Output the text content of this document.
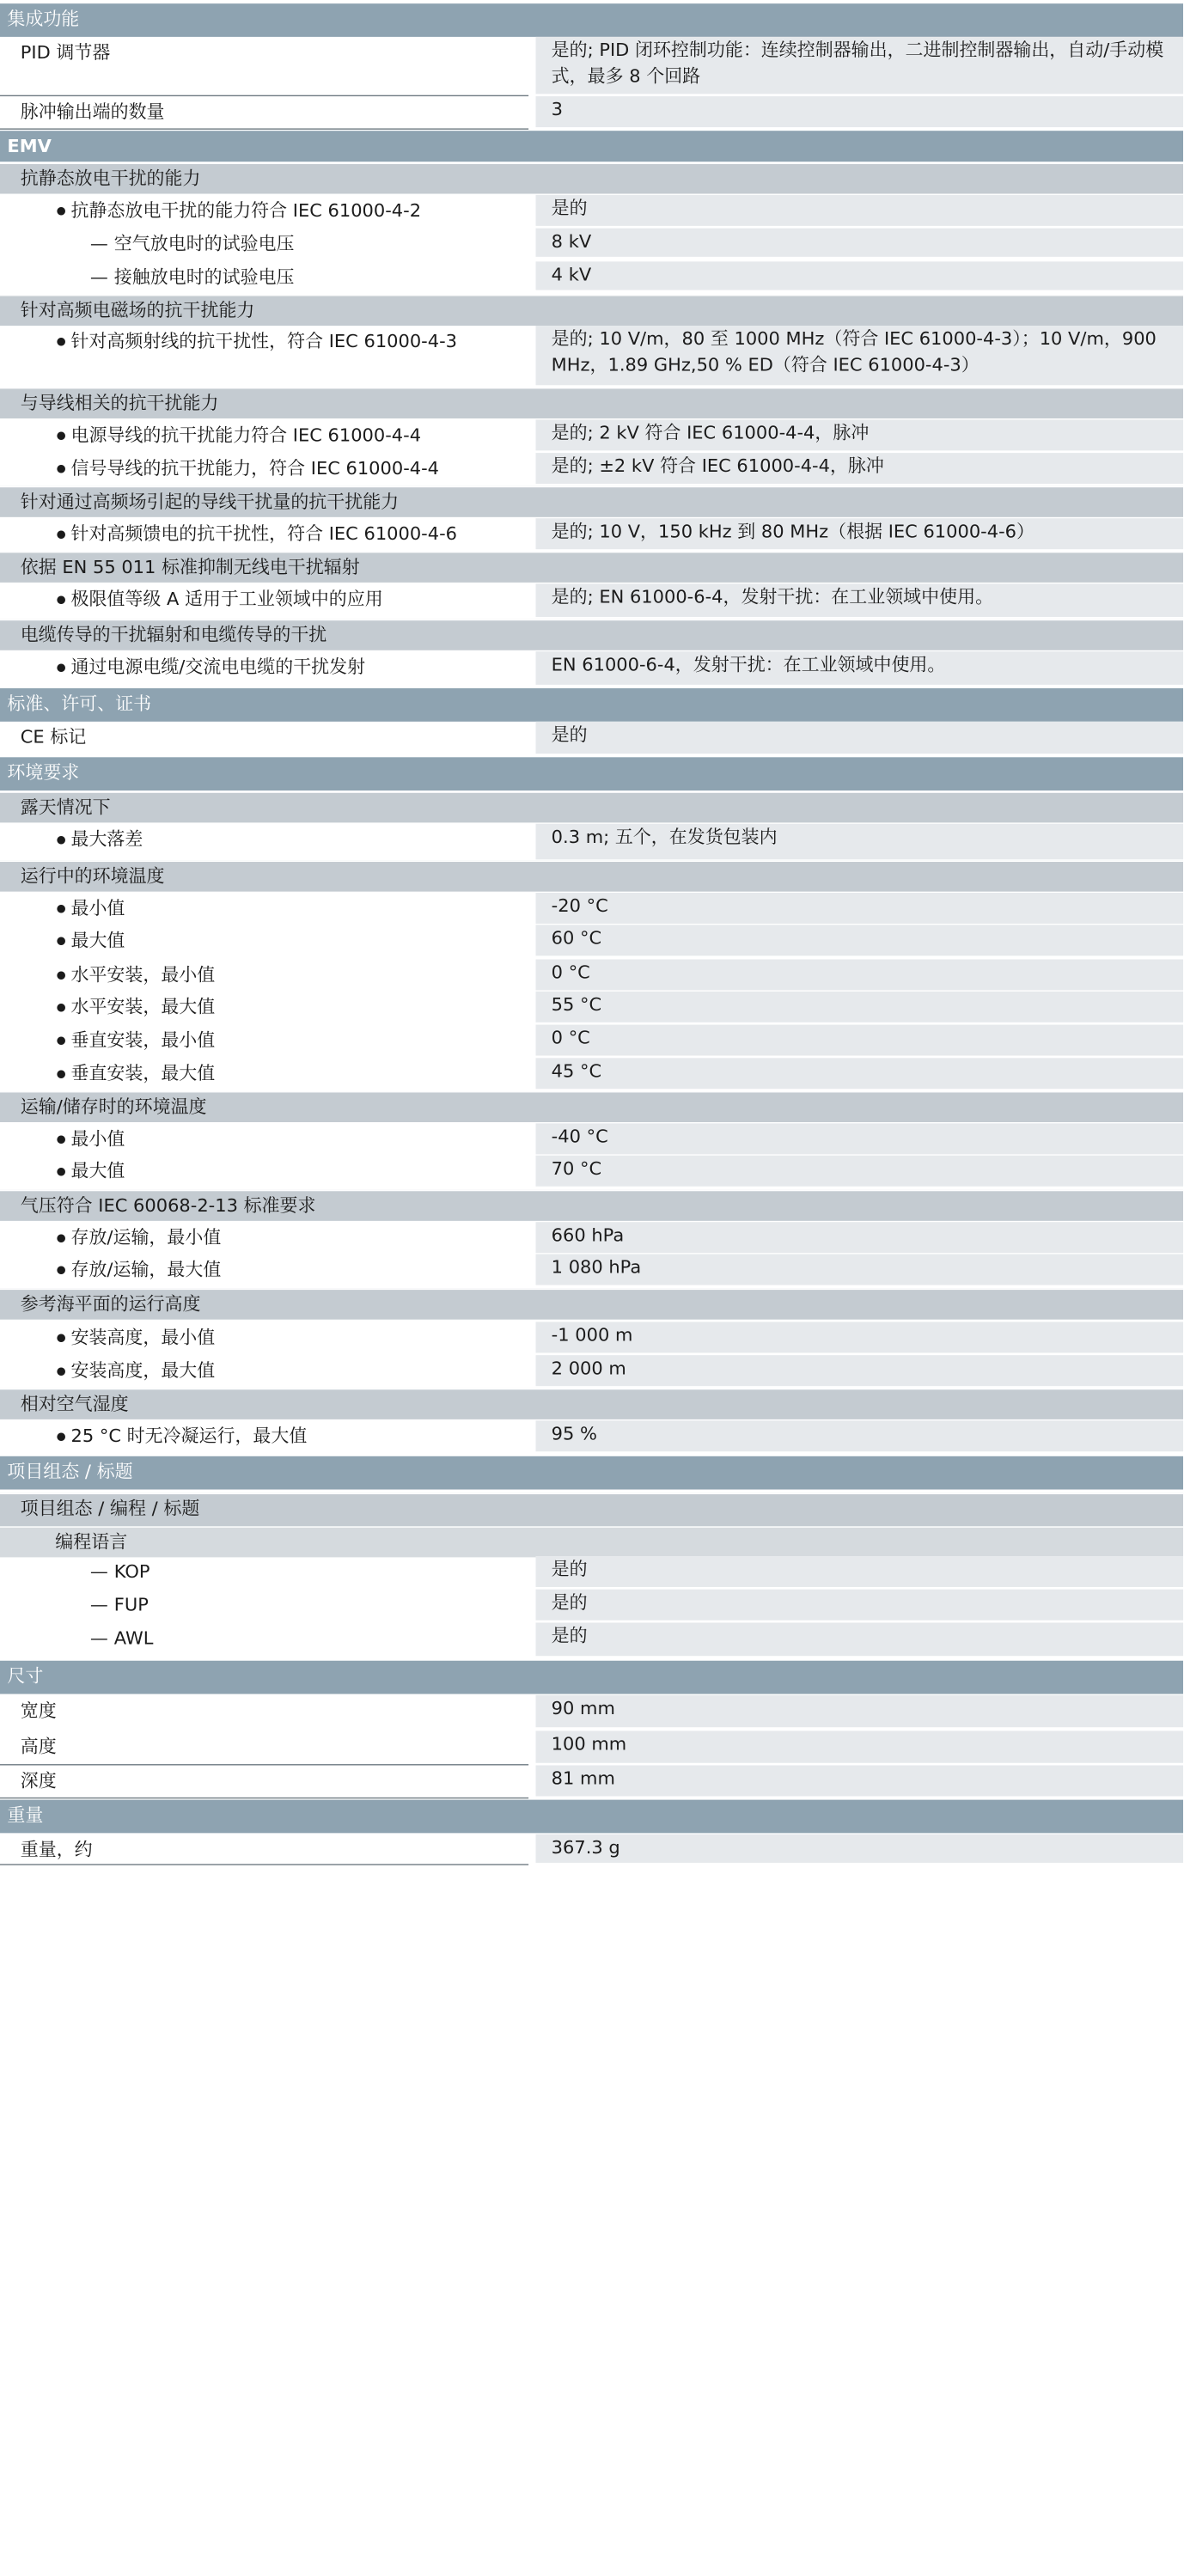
集成功能
PID 调节器	是的; PID 闭环控制功能：连续控制器输出，二进制控制器输出，自动/手动模式，最多 8 个回路
脉冲输出端的数量	3
EMV
抗静态放电干扰的能力
● 抗静态放电干扰的能力符合 IEC 61000-4-2	是的
— 空气放电时的试验电压	8 kV
— 接触放电时的试验电压	4 kV
针对高频电磁场的抗干扰能力
● 针对高频射线的抗干扰性，符合 IEC 61000-4-3	是的; 10 V/m，80 至 1000 MHz（符合 IEC 61000-4-3）；10 V/m，900 MHz，1.89 GHz,50 % ED（符合 IEC 61000-4-3）
与导线相关的抗干扰能力
● 电源导线的抗干扰能力符合 IEC 61000-4-4	是的; 2 kV 符合 IEC 61000-4-4，脉冲
● 信号导线的抗干扰能力，符合 IEC 61000-4-4	是的; ±2 kV 符合 IEC 61000-4-4，脉冲
针对通过高频场引起的导线干扰量的抗干扰能力
● 针对高频馈电的抗干扰性，符合 IEC 61000-4-6	是的; 10 V，150 kHz 到 80 MHz（根据 IEC 61000-4-6）
依据 EN 55 011 标准抑制无线电干扰辐射
● 极限值等级 A 适用于工业领域中的应用	是的; EN 61000-6-4，发射干扰：在工业领域中使用。
电缆传导的干扰辐射和电缆传导的干扰
● 通过电源电缆/交流电电缆的干扰发射	EN 61000-6-4，发射干扰：在工业领域中使用。
标准、许可、证书
CE 标记	是的
环境要求
露天情况下
● 最大落差	0.3 m; 五个，在发货包装内
运行中的环境温度
● 最小值	-20 °C
● 最大值	60 °C
● 水平安装，最小值	0 °C
● 水平安装，最大值	55 °C
● 垂直安装，最小值	0 °C
● 垂直安装，最大值	45 °C
运输/储存时的环境温度
● 最小值	-40 °C
● 最大值	70 °C
气压符合 IEC 60068-2-13 标准要求
● 存放/运输，最小值	660 hPa
● 存放/运输，最大值	1 080 hPa
参考海平面的运行高度
● 安装高度，最小值	-1 000 m
● 安装高度，最大值	2 000 m
相对空气湿度
● 25 °C 时无冷凝运行，最大值	95 %
项目组态 / 标题
项目组态 / 编程 / 标题
编程语言
— KOP	是的
— FUP	是的
— AWL	是的
尺寸
宽度	90 mm
高度	100 mm
深度	81 mm
重量
重量，约	367.3 g
